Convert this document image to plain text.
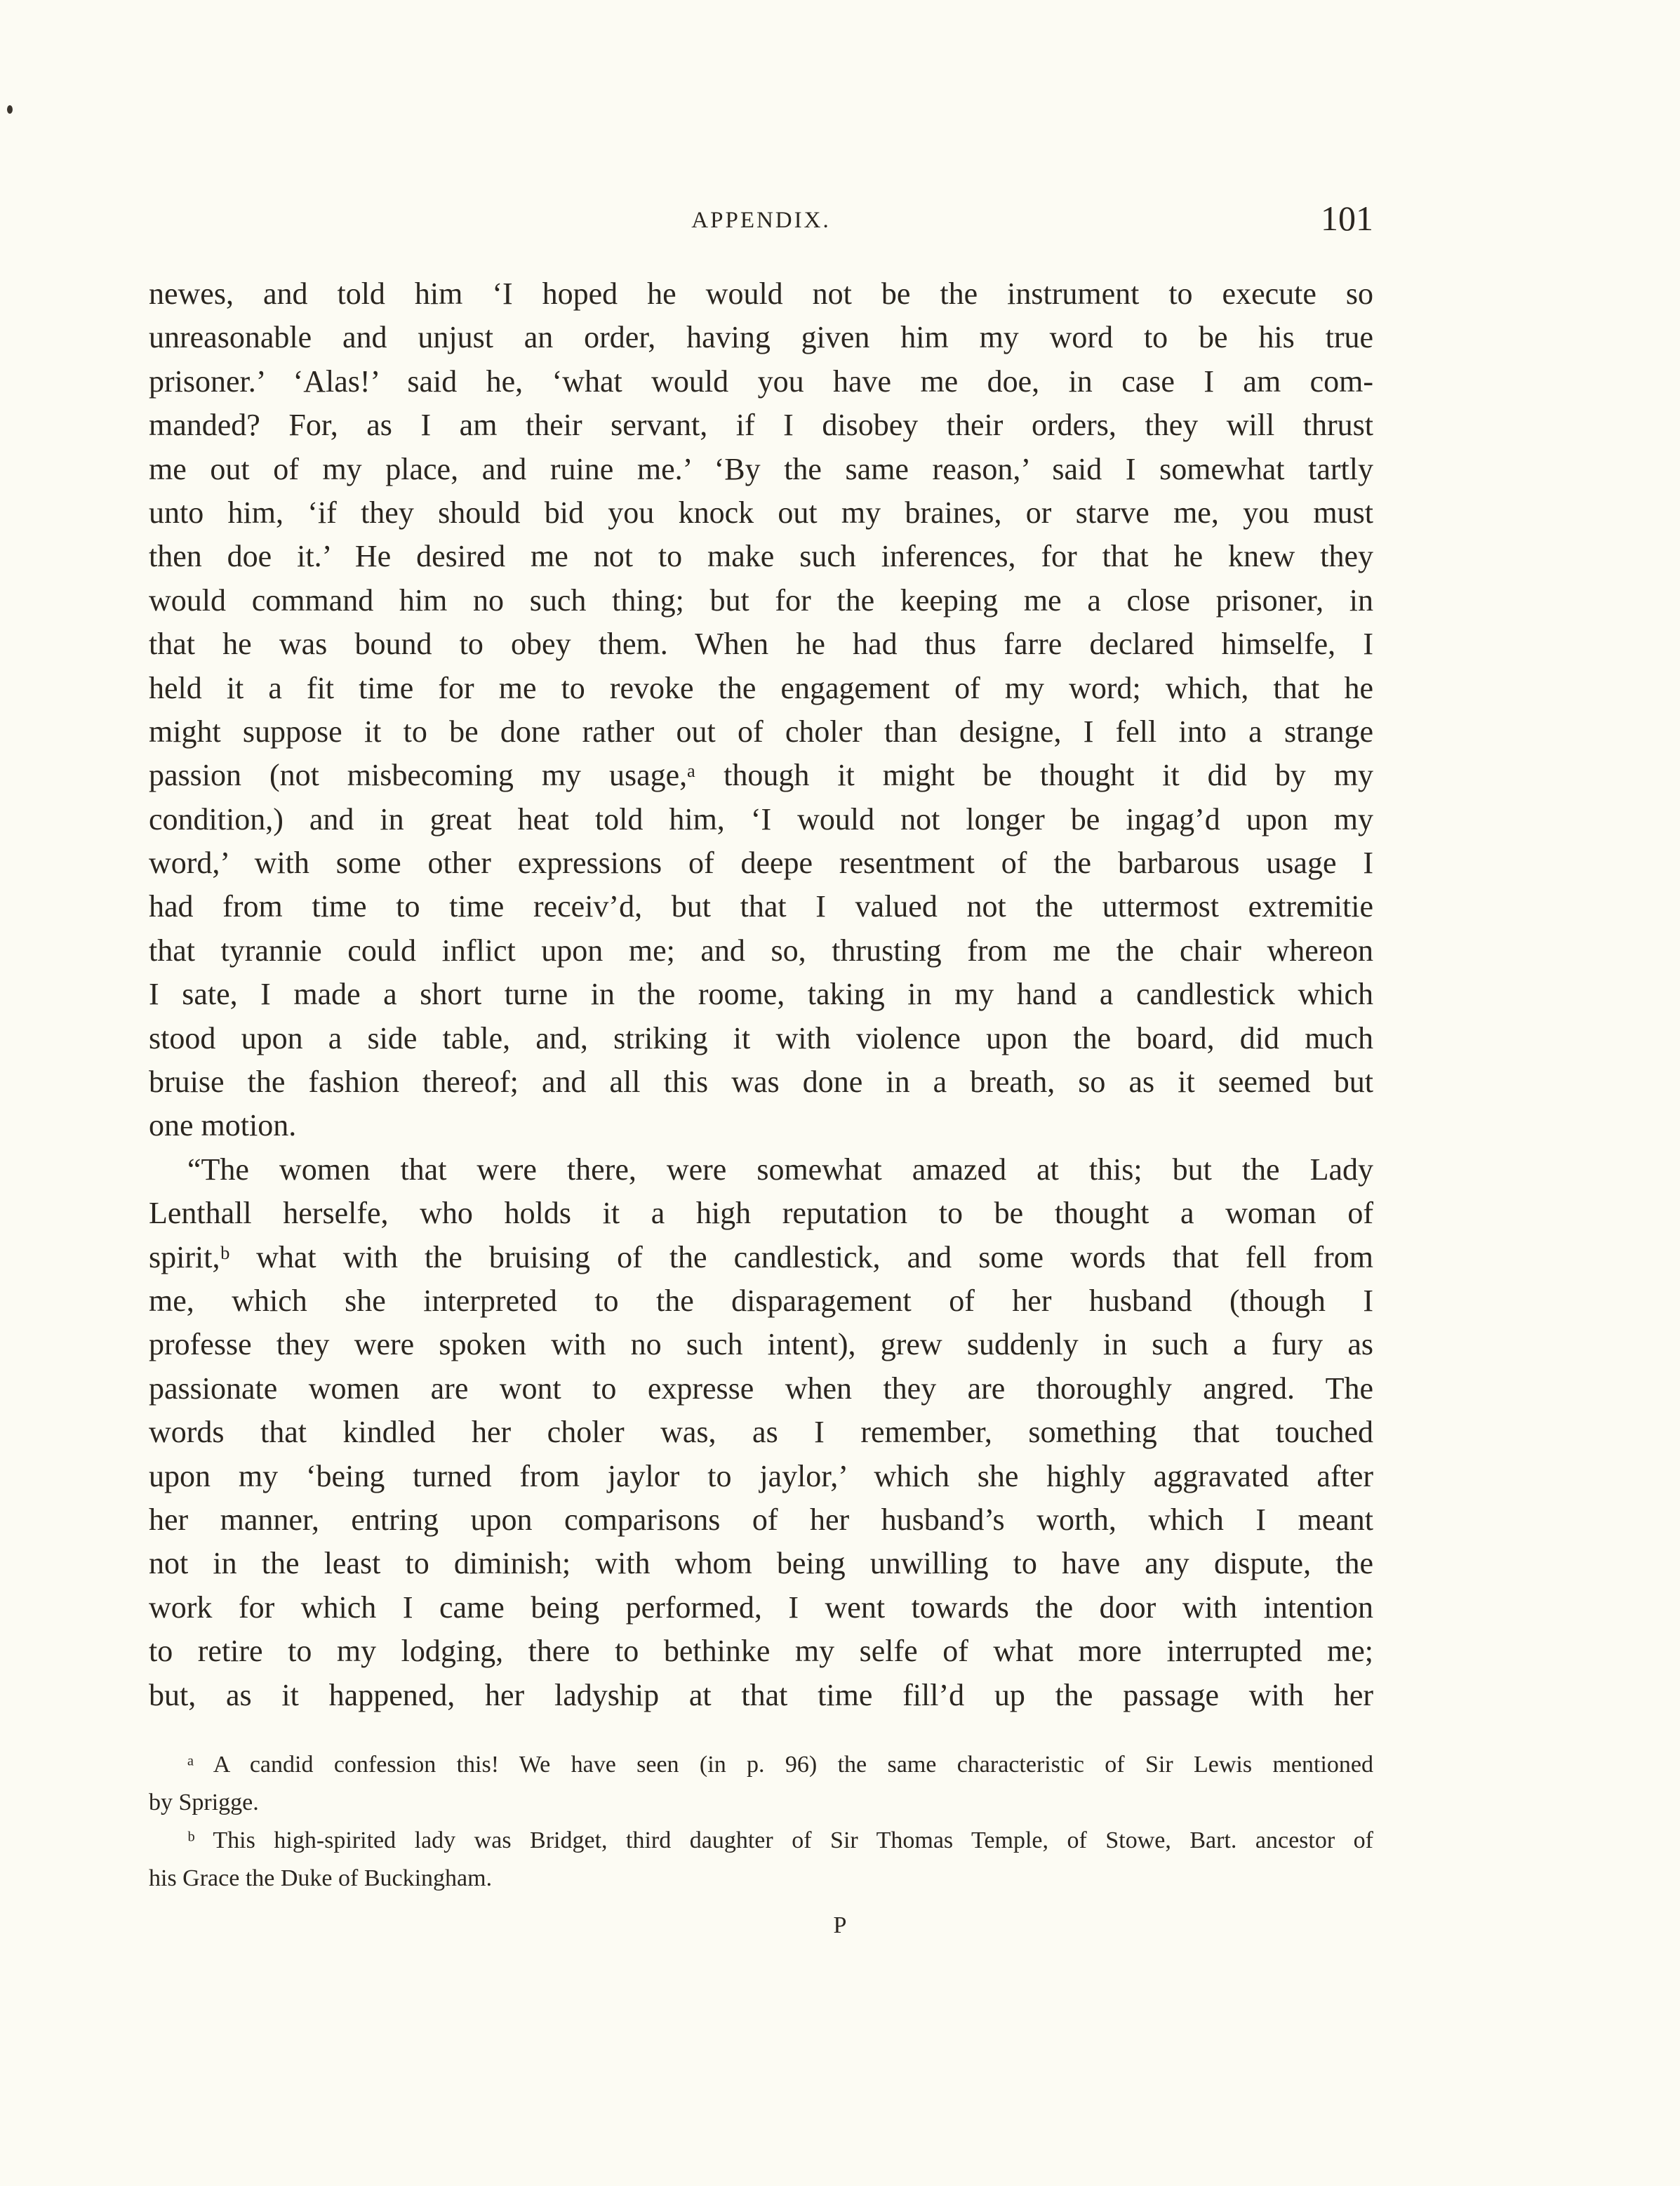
APPENDIX.	101
newes, and told him ‘I hoped he would not be the instrument to execute so
unreasonable and unjust an order, having given him my word to be his true
prisoner.’ ‘Alas!’ said he, ‘what would you have me doe, in case I am com-
manded? For, as I am their servant, if I disobey their orders, they will thrust
me out of my place, and ruine me.’ ‘By the same reason,’ said I somewhat tartly
unto him, ‘if they should bid you knock out my braines, or starve me, you must
then doe it.’ He desired me not to make such inferences, for that he knew they
would command him no such thing; but for the keeping me a close prisoner, in
that he was bound to obey them. When he had thus farre declared himselfe, I
held it a fit time for me to revoke the engagement of my word; which, that he
might suppose it to be done rather out of choler than designe, I fell into a strange
passion (not misbecoming my usage,ᵃ though it might be thought it did by my
condition,) and in great heat told him, ‘I would not longer be ingag’d upon my
word,’ with some other expressions of deepe resentment of the barbarous usage I
had from time to time receiv’d, but that I valued not the uttermost extremitie
that tyrannie could inflict upon me; and so, thrusting from me the chair whereon
I sate, I made a short turne in the roome, taking in my hand a candlestick which
stood upon a side table, and, striking it with violence upon the board, did much
bruise the fashion thereof; and all this was done in a breath, so as it seemed but
one motion.
“The women that were there, were somewhat amazed at this; but the Lady
Lenthall herselfe, who holds it a high reputation to be thought a woman of
spirit,ᵇ what with the bruising of the candlestick, and some words that fell from
me, which she interpreted to the disparagement of her husband (though I
professe they were spoken with no such intent), grew suddenly in such a fury as
passionate women are wont to expresse when they are thoroughly angred. The
words that kindled her choler was, as I remember, something that touched
upon my ‘being turned from jaylor to jaylor,’ which she highly aggravated after
her manner, entring upon comparisons of her husband’s worth, which I meant
not in the least to diminish; with whom being unwilling to have any dispute, the
work for which I came being performed, I went towards the door with intention
to retire to my lodging, there to bethinke my selfe of what more interrupted me;
but, as it happened, her ladyship at that time fill’d up the passage with her
ᵃ A candid confession this! We have seen (in p. 96) the same characteristic of Sir Lewis mentioned
by Sprigge.
ᵇ This high-spirited lady was Bridget, third daughter of Sir Thomas Temple, of Stowe, Bart. ancestor of
his Grace the Duke of Buckingham.
P
